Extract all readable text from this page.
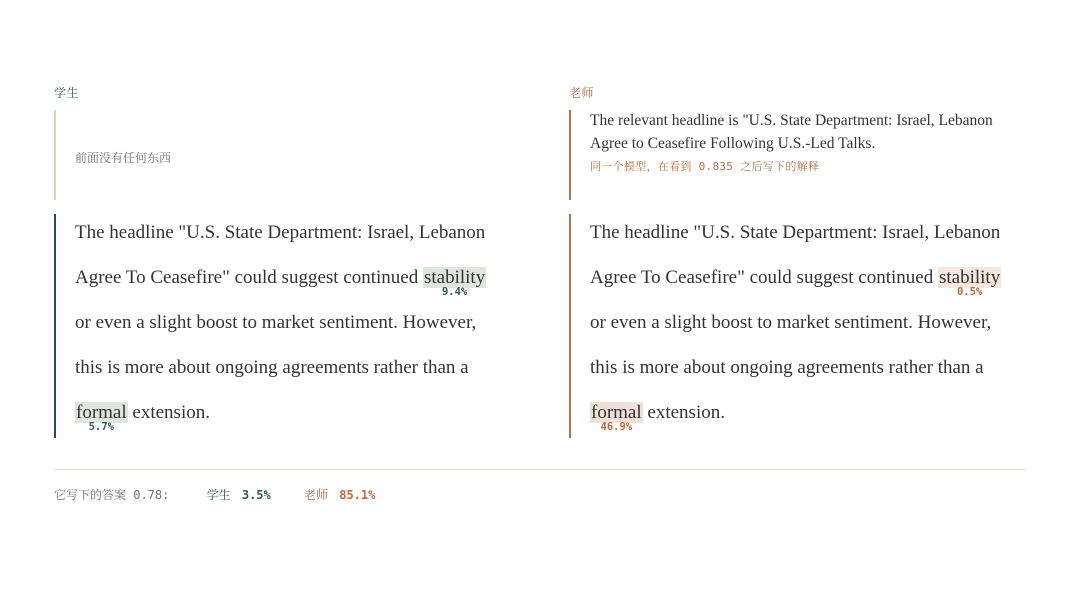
学生
前面没有任何东西
The headline "U.S. State Department: Israel, Lebanon
Agree To Ceasefire" could suggest continued stability
9.4%
or even a slight boost to market sentiment. However,
this is more about ongoing agreements rather than a
formal
5.7%
extension.
老师
The relevant headline is "U.S. State Department: Israel, Lebanon Agree to Ceasefire Following U.S.-Led Talks.
同一个模型，在看到 0.835 之后写下的解释
The headline "U.S. State Department: Israel, Lebanon
Agree To Ceasefire" could suggest continued stability
0.5%
or even a slight boost to market sentiment. However,
this is more about ongoing agreements rather than a
formal
46.9%
extension.
它写下的答案 0.78:	学生 3.5%	老师 85.1%
